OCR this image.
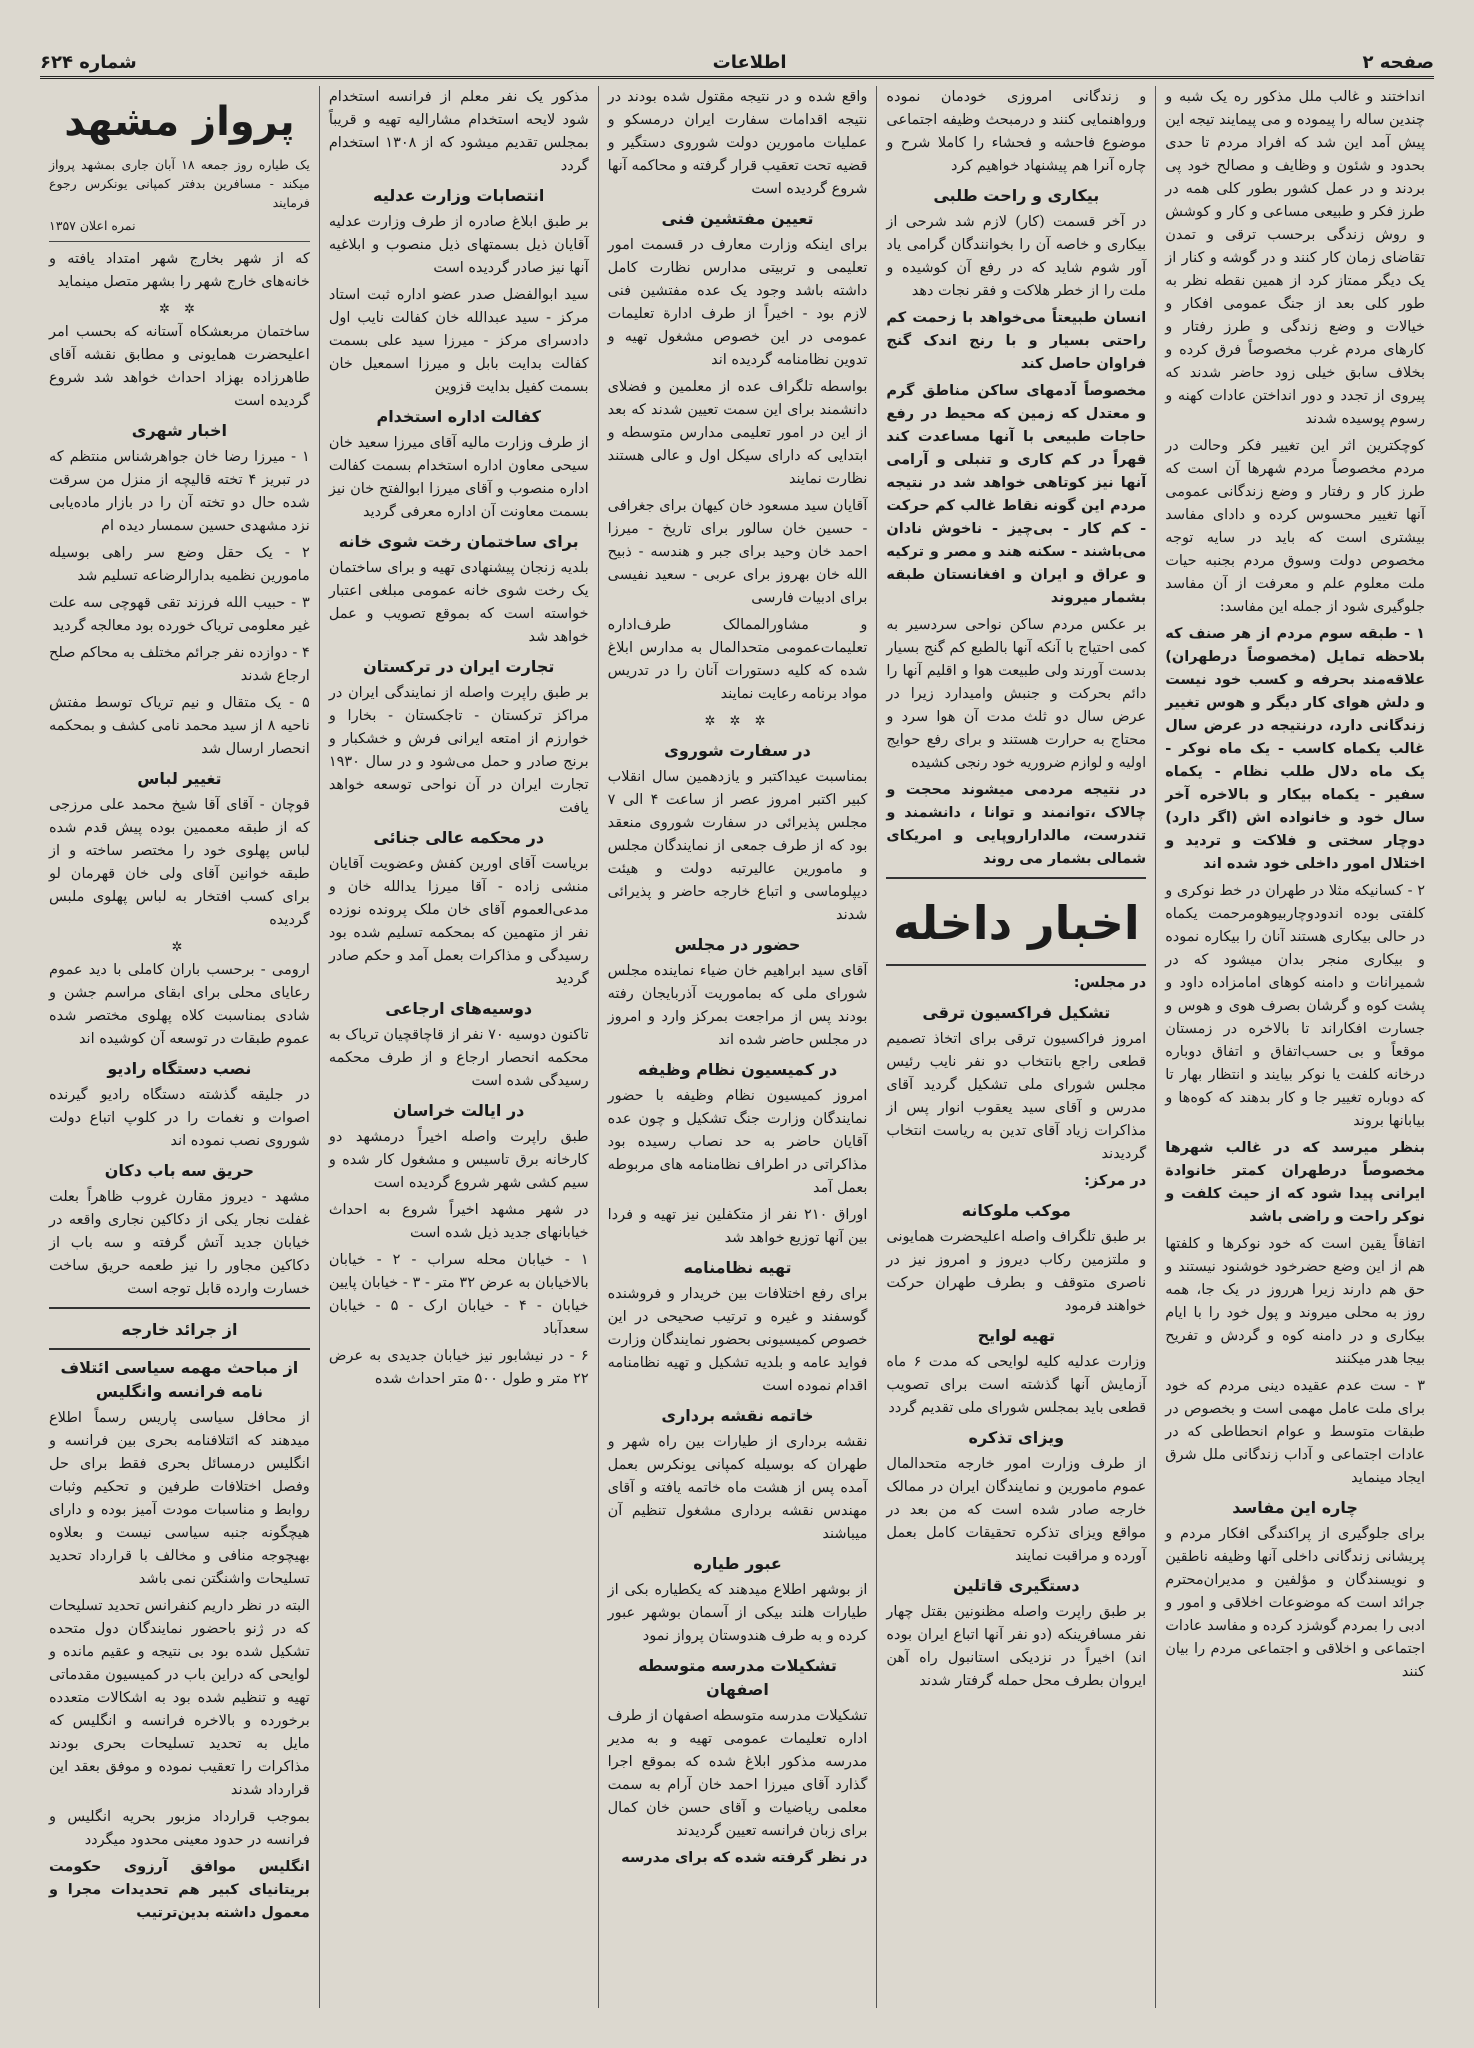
صفحه ۲
اطلاعات
شماره ۶۲۴

انداختند و غالب ملل مذکور ره یک شبه و چندین ساله را پیموده و می پیمایند تیجه این پیش آمد این شد که افراد مردم تا حدی بحدود و شئون و وظایف و مصالح خود پی بردند و در عمل کشور بطور کلی همه در طرز فکر و طبیعی مساعی و کار و کوشش و روش زندگی برحسب ترقی و تمدن تقاضای زمان کار کنند و در گوشه و کنار از یک دیگر ممتاز کرد از همین نقطه نظر به طور کلی بعد از جنگ عمومی افکار و خیالات و وضع زندگی و طرز رفتار و کارهای مردم غرب مخصوصاً فرق کرده و بخلاف سابق خیلی زود حاضر شدند که پیروی از تجدد و دور انداختن عادات کهنه و رسوم پوسیده شدند

کوچکترین اثر این تغییر فکر وحالت در مردم مخصوصاً مردم شهرها آن است که طرز کار و رفتار و وضع زندگانی عمومی آنها تغییر محسوس کرده و دادای مفاسد بیشتری است که باید در سایه توجه مخصوص دولت وسوق مردم بجنبه حیات ملت معلوم علم و معرفت از آن مفاسد جلوگیری شود از جمله این مفاسد:

۱ - طبقه سوم مردم از هر صنف که بلاحظه تمایل (مخصوصاً درطهران) علاقه‌مند بحرفه و کسب خود نیست و دلش هوای کار دیگر و هوس تغییر زندگانی دارد، درنتیجه در عرض سال غالب یکماه کاسب - یک ماه نوکر - یک ماه دلال طلب نظام - یکماه سفیر - یکماه بیکار و بالاخره آخر سال خود و خانواده اش (اگر دارد) دوچار سختی و فلاکت و تردید و اختلال امور داخلی خود شده اند

۲ - کسانیکه مثلا در طهران در خط نوکری و کلفتی بوده اندودوچاربیوهومرحمت یکماه در حالی بیکاری هستند آنان را بیکاره نموده و بیکاری منجر بدان میشود که در شمیرانات و دامنه کوهای امامزاده داود و پشت کوه و گرشان بصرف هوی و هوس و جسارت افکاراند تا بالاخره در زمستان موقعاً و بی حسب‌اتفاق و اتفاق دوباره درخانه کلفت یا نوکر بیایند و انتظار بهار تا که دوباره تغییر جا و کار بدهند که کوه‌ها و بیابانها بروند

بنظر میرسد که در غالب شهرها مخصوصاً درطهران کمتر خانوادة ایرانی پیدا شود که از حیث کلفت و نوکر راحت و راضی باشد

اتفاقاً یقین است که خود نوکرها و کلفتها هم از این وضع حضرخود خوشنود نیستند و حق هم دارند زیرا هرروز در یک جا، همه روز به محلی میروند و پول خود را با ایام بیکاری و در دامنه کوه و گردش و تفریح بیجا هدر میکنند

۳ - ست عدم عقیده دینی مردم که خود برای ملت عامل مهمی است و بخصوص در طبقات متوسط و عوام انحطاطی که در عادات اجتماعی و آداب زندگانی ملل شرق ایجاد مینماید

چاره این مفاسد

برای جلوگیری از پراکندگی افکار مردم و پریشانی زندگانی داخلی آنها وظیفه ناطقین و نویسندگان و مؤلفین و مدیران‌محترم جرائد است که موضوعات اخلاقی و امور و ادبی را بمردم گوشزد کرده و مفاسد عادات اجتماعی و اخلاقی و اجتماعی مردم را بیان کنند

و زندگانی امروزی خودمان نموده ورواهنمایی کنند و درمبحث وظیفه اجتماعی موضوع فاحشه و فحشاء را کاملا شرح و چاره آنرا هم پیشنهاد خواهیم کرد

بیکاری و راحت طلبی

در آخر قسمت (کار) لازم شد شرحی از بیکاری و خاصه آن را بخوانندگان گرامی یاد آور شوم شاید که در رفع آن کوشیده و ملت را از خطر هلاکت و فقر نجات دهد

انسان طبیعتاً می‌خواهد با زحمت کم راحتی بسیار و با رنج اندک گنج فراوان حاصل کند

مخصوصاً آدمهای ساکن مناطق گرم و معتدل که زمین که محیط در رفع حاجات طبیعی با آنها مساعدت کند قهراً در کم کاری و تنبلی و آرامی آنها نیز کوتاهی خواهد شد در نتیجه مردم این گونه نقاط غالب کم حرکت - کم کار - بی‌چیز - ناخوش نادان می‌باشند - سکنه هند و مصر و ترکیه و عراق و ایران و افغانستان طبقه بشمار میروند

بر عکس مردم ساکن نواحی سردسیر به کمی احتیاج با آنکه آنها بالطبع کم گنج بسیار بدست آورند ولی طبیعت هوا و اقلیم آنها را دائم بحرکت و جنبش وامیدارد زیرا در عرض سال دو ثلث مدت آن هوا سرد و محتاج به حرارت هستند و برای رفع حوایج اولیه و لوازم ضروریه خود رنجی کشیده

در نتیجه مردمی میشوند محجت و چالاک ،توانمند و توانا ، دانشمند و تندرست، مالداراروپایی و امریکای شمالی بشمار می روند

اخبار داخله
در مجلس:
تشکیل فراکسیون ترقی

امروز فراکسیون ترقی برای اتخاذ تصمیم قطعی راجع بانتخاب دو نفر نایب رئیس مجلس شورای ملی تشکیل گردید آقای مدرس و آقای سید یعقوب انوار پس از مذاکرات زیاد آقای تدین به ریاست انتخاب گردیدند

در مرکز:
موکب ملوکانه

بر طبق تلگراف واصله اعلیحضرت همایونی و ملتزمین رکاب دیروز و امروز نیز در ناصری متوقف و بطرف طهران حرکت خواهند فرمود

تهیه لوایح

وزارت عدلیه کلیه لوایحی که مدت ۶ ماه آزمایش آنها گذشته است برای تصویب قطعی باید بمجلس شورای ملی تقدیم گردد

ویزای تذکره

از طرف وزارت امور خارجه متحدالمال عموم مامورین و نمایندگان ایران در ممالک خارجه صادر شده است که من بعد در مواقع ویزای تذکره تحقیقات کامل بعمل آورده و مراقبت نمایند

دستگیری قاتلین

بر طبق راپرت واصله مظنونین بقتل چهار نفر مسافرینکه (دو نفر آنها اتباع ایران بوده اند) اخیراً در نزدیکی استانبول راه آهن ایروان بطرف محل حمله گرفتار شدند

واقع شده و در نتیجه مقتول شده بودند در نتیجه اقدامات سفارت ایران درمسکو و عملیات مامورین دولت شوروی دستگیر و قضیه تحت تعقیب قرار گرفته و محاکمه آنها شروع گردیده است

تعیین مفتشین فنی

برای اینکه وزارت معارف در قسمت امور تعلیمی و تربیتی مدارس نظارت کامل داشته باشد وجود یک عده مفتشین فنی لازم بود - اخیراً از طرف ادارة تعلیمات عمومی در این خصوص مشغول تهیه و تدوین نظامنامه گردیده اند

بواسطه تلگراف عده از معلمین و فضلای دانشمند برای این سمت تعیین شدند که بعد از این در امور تعلیمی مدارس متوسطه و ابتدایی که دارای سیکل اول و عالی هستند نظارت نمایند

آقایان سید مسعود خان کیهان برای جغرافی - حسین خان سالور برای تاریخ - میرزا احمد خان وحید برای جبر و هندسه - ذبیح الله خان بهروز برای عربی - سعید نفیسی برای ادبیات فارسی

و مشاورالممالک طرف‌اداره تعلیمات‌عمومی متحدالمال به مدارس ابلاغ شده که کلیه دستورات آنان را در تدریس مواد برنامه رعایت نمایند

✲ ✲ ✲
در سفارت شوروی

بمناسبت عیداکتبر و یازدهمین سال انقلاب کبیر اکتبر امروز عصر از ساعت ۴ الی ۷ مجلس پذیرائی در سفارت شوروی منعقد بود که از طرف جمعی از نمایندگان مجلس و مامورین عالیرتبه دولت و هیئت دیپلوماسی و اتباع خارجه حاضر و پذیرائی شدند

حضور در مجلس

آقای سید ابراهیم خان ضیاء نماینده مجلس شورای ملی که بماموریت آذربایجان رفته بودند پس از مراجعت بمرکز وارد و امروز در مجلس حاضر شده اند

در کمیسیون نظام وظیفه

امروز کمیسیون نظام وظیفه با حضور نمایندگان وزارت جنگ تشکیل و چون عده آقایان حاضر به حد نصاب رسیده بود مذاکراتی در اطراف نظامنامه های مربوطه بعمل آمد

اوراق ۲۱۰ نفر از متکفلین نیز تهیه و فردا بین آنها توزیع خواهد شد

تهیه نظامنامه

برای رفع اختلافات بین خریدار و فروشنده گوسفند و غیره و ترتیب صحیحی در این خصوص کمیسیونی بحضور نمایندگان وزارت فواید عامه و بلدیه تشکیل و تهیه نظامنامه اقدام نموده است

خاتمه نقشه برداری

نقشه برداری از طیارات بین راه شهر و طهران که بوسیله کمپانی یونکرس بعمل آمده پس از هشت ماه خاتمه یافته و آقای مهندس نقشه برداری مشغول تنظیم آن میباشند

عبور طیاره

از بوشهر اطلاع میدهند که یکطیاره بکی از طیارات هلند بیکی از آسمان بوشهر عبور کرده و به طرف هندوستان پرواز نمود

تشکیلات مدرسه متوسطه اصفهان

تشکیلات مدرسه متوسطه اصفهان از طرف اداره تعلیمات عمومی تهیه و به مدیر مدرسه مذکور ابلاغ شده که بموقع اجرا گذارد آقای میرزا احمد خان آرام به سمت معلمی ریاضیات و آقای حسن خان کمال برای زبان فرانسه تعیین گردیدند

در نظر گرفته شده که برای مدرسه

مذکور یک نفر معلم از فرانسه استخدام شود لایحه استخدام مشارالیه تهیه و قریباً بمجلس تقدیم میشود که از ۱۳۰۸ استخدام گردد

انتصابات وزارت عدلیه

بر طبق ابلاغ صادره از طرف وزارت عدلیه آقایان ذیل بسمتهای ذیل منصوب و ابلاغیه آنها نیز صادر گردیده است

سید ابوالفضل صدر عضو اداره ثبت استاد مرکز - سید عبدالله خان کفالت نایب اول دادسرای مرکز - میرزا سید علی بسمت کفالت بدایت بابل و میرزا اسمعیل خان بسمت کفیل بدایت قزوین

کفالت اداره استخدام

از طرف وزارت مالیه آقای میرزا سعید خان سیحی معاون اداره استخدام بسمت کفالت اداره منصوب و آقای میرزا ابوالفتح خان نیز بسمت معاونت آن اداره معرفی گردید

برای ساختمان رخت شوی خانه

بلدیه زنجان پیشنهادی تهیه و برای ساختمان یک رخت شوی خانه عمومی مبلغی اعتبار خواسته است که بموقع تصویب و عمل خواهد شد

تجارت ایران در ترکستان

بر طبق راپرت واصله از نمایندگی ایران در مراکز ترکستان - تاجکستان - بخارا و خوارزم از امتعه ایرانی فرش و خشکبار و برنج صادر و حمل می‌شود و در سال ۱۹۳۰ تجارت ایران در آن نواحی توسعه خواهد یافت

در محکمه عالی جنائی

بریاست آقای اورین کفش وعضویت آقایان منشی زاده - آقا میرزا یدالله خان و مدعی‌العموم آقای خان ملک پرونده نوزده نفر از متهمین که بمحکمه تسلیم شده بود رسیدگی و مذاکرات بعمل آمد و حکم صادر گردید

دوسیه‌های ارجاعی

تاکنون دوسیه ۷۰ نفر از قاچاقچیان تریاک به محکمه انحصار ارجاع و از طرف محکمه رسیدگی شده است

در ایالت خراسان

طبق راپرت واصله اخیراً درمشهد دو کارخانه برق تاسیس و مشغول کار شده و سیم کشی شهر شروع گردیده است

در شهر مشهد اخیراً شروع به احداث خیابانهای جدید ذیل شده است

۱ - خیابان محله سراب - ۲ - خیابان بالاخیابان به عرض ۳۲ متر - ۳ - خیابان پایین خیابان - ۴ - خیابان ارک - ۵ - خیابان سعدآباد

۶ - در نیشابور نیز خیابان جدیدی به عرض ۲۲ متر و طول ۵۰۰ متر احداث شده

پرواز مشهد

یک طیاره روز جمعه ۱۸ آبان جاری بمشهد پرواز میکند - مسافرین بدفتر کمپانی یونکرس رجوع فرمایند

نمره اعلان ۱۳۵۷

که از شهر بخارج شهر امتداد یافته و خانه‌های خارج شهر را بشهر متصل مینماید

✲ ✲

ساختمان مربعشکاه آستانه که بحسب امر اعلیحضرت همایونی و مطابق نقشه آقای طاهرزاده بهزاد احداث خواهد شد شروع گردیده است

اخبار شهری

۱ - میرزا رضا خان جواهرشناس منتظم که در تبریز ۴ تخته قالیچه از منزل من سرقت شده حال دو تخته آن را در بازار ماده‌یابی نزد مشهدی حسین سمسار دیده ام

۲ - یک حقل وضع سر راهی بوسیله مامورین نظمیه بدارالرضاعه تسلیم شد

۳ - حبیب الله فرزند تقی قهوچی سه علت غیر معلومی تریاک خورده بود معالجه گردید

۴ - دوازده نفر جرائم مختلف به محاکم صلح ارجاع شدند

۵ - یک متقال و نیم تریاک توسط مفتش ناحیه ۸ از سید محمد نامی کشف و بمحکمه انحصار ارسال شد

تغییر لباس

قوچان - آقای آقا شیخ محمد علی مرزجی که از طبقه معممین بوده پیش قدم شده لباس پهلوی خود را مختصر ساخته و از طبقه خوانین آقای ولی خان قهرمان لو برای کسب افتخار به لباس پهلوی ملبس گردیده

✲

ارومی - برحسب باران کاملی با دید عموم رعایای محلی برای ابقای مراسم جشن و شادی بمناسبت کلاه پهلوی مختصر شده عموم طبقات در توسعه آن کوشیده اند

نصب دستگاه رادیو

در جلیقه گذشته دستگاه رادیو گیرنده اصوات و نغمات را در کلوپ اتباع دولت شوروی نصب نموده اند

حریق سه باب دکان

مشهد - دیروز مقارن غروب ظاهراً بعلت غفلت نجار یکی از دکاکین نجاری واقعه در خیابان جدید آتش گرفته و سه باب از دکاکین مجاور را نیز طعمه حریق ساخت خسارت وارده قابل توجه است

از جرائد خارجه
از مباحث مهمه سیاسی ائتلاف نامه فرانسه وانگلیس

از محافل سیاسی پاریس رسماً اطلاع میدهند که ائتلافنامه بحری بین فرانسه و انگلیس درمسائل بحری فقط برای حل وفصل اختلافات طرفین و تحکیم وثبات روابط و مناسبات مودت آمیز بوده و دارای هیچگونه جنبه سیاسی نیست و بعلاوه بهیچوجه منافی و مخالف با قرارداد تحدید تسلیحات واشنگتن نمی باشد

البته در نظر داریم کنفرانس تحدید تسلیحات که در ژنو باحضور نمایندگان دول متحده تشکیل شده بود بی نتیجه و عقیم مانده و لوایحی که دراین باب در کمیسیون مقدماتی تهیه و تنظیم شده بود به اشکالات متعدده برخورده و بالاخره فرانسه و انگلیس که مایل به تحدید تسلیحات بحری بودند مذاکرات را تعقیب نموده و موفق بعقد این قرارداد شدند

بموجب قرارداد مزبور بحریه انگلیس و فرانسه در حدود معینی محدود میگردد

انگلیس موافق آرزوی حکومت بریتانیای کبیر هم تحدیدات مجرا و معمول داشته بدین‌ترتیب
